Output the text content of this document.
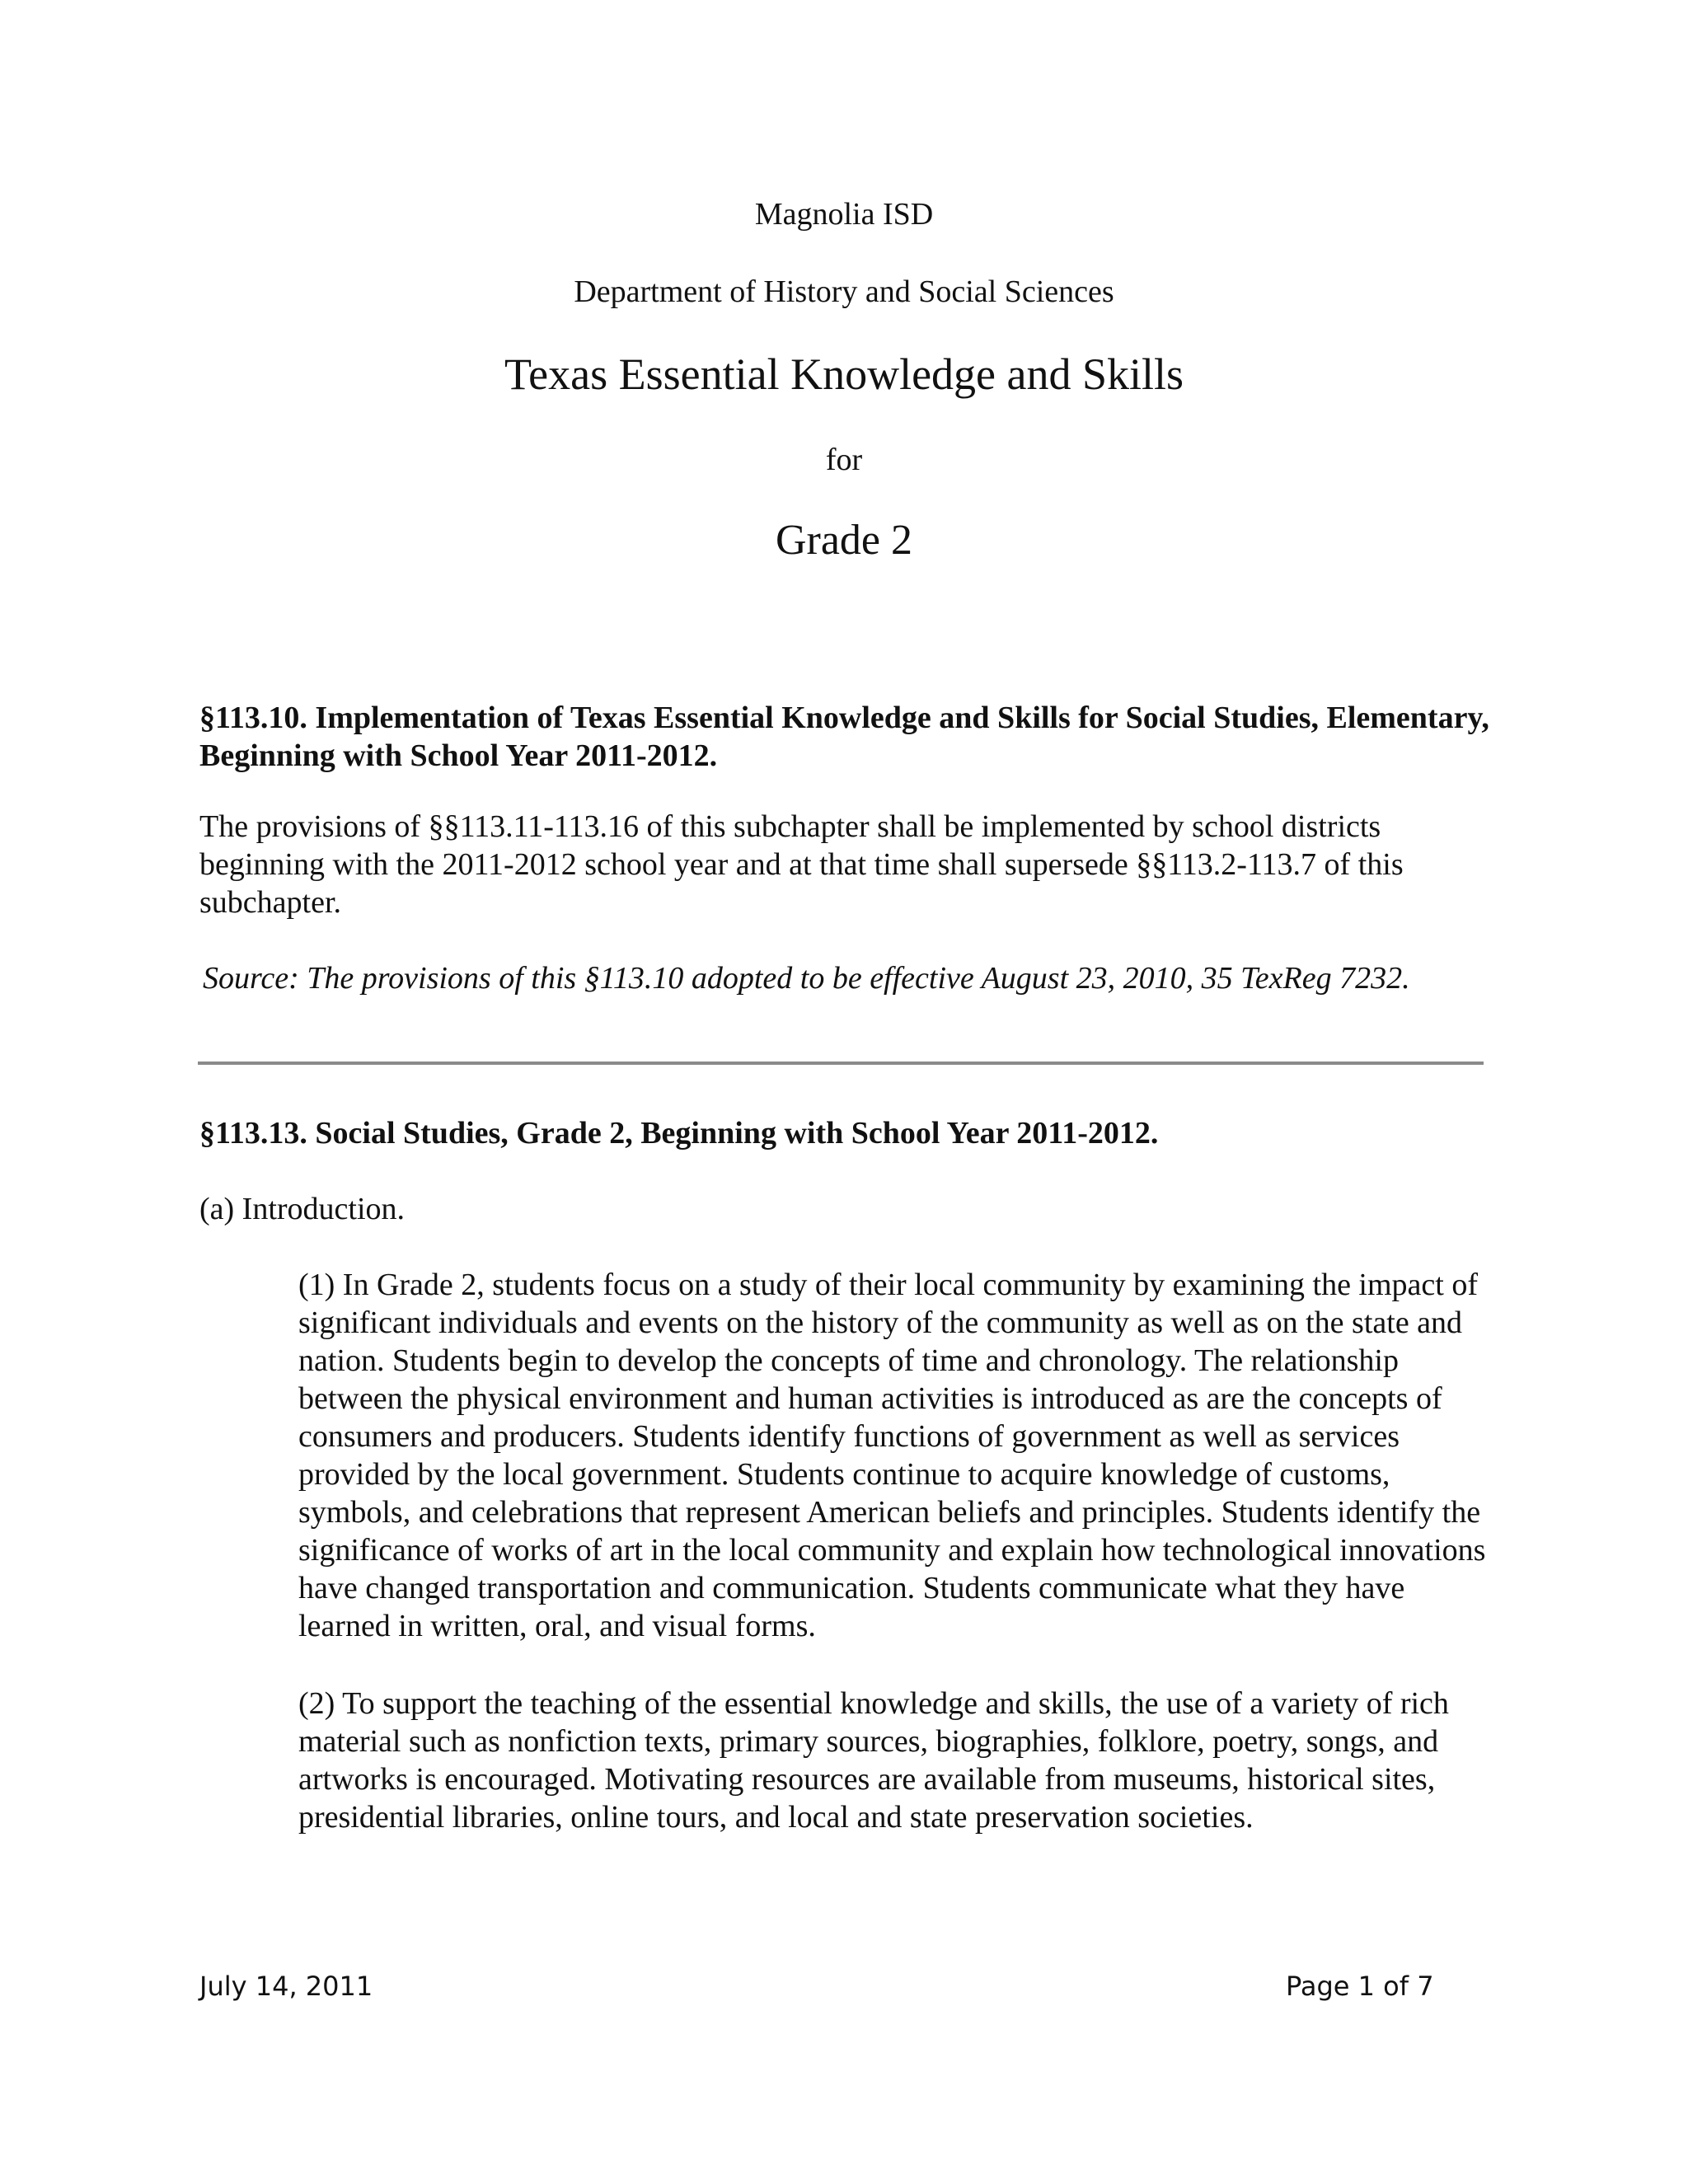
Magnolia ISD

Department of History and Social Sciences

Texas Essential Knowledge and Skills

for

Grade 2

§113.10. Implementation of Texas Essential Knowledge and Skills for Social Studies, Elementary, Beginning with School Year 2011-2012.

The provisions of §§113.11-113.16 of this subchapter shall be implemented by school districts beginning with the 2011-2012 school year and at that time shall supersede §§113.2-113.7 of this subchapter.

Source: The provisions of this §113.10 adopted to be effective August 23, 2010, 35 TexReg 7232.

§113.13. Social Studies, Grade 2, Beginning with School Year 2011-2012.

(a) Introduction.

(1) In Grade 2, students focus on a study of their local community by examining the impact of significant individuals and events on the history of the community as well as on the state and nation. Students begin to develop the concepts of time and chronology. The relationship between the physical environment and human activities is introduced as are the concepts of consumers and producers. Students identify functions of government as well as services provided by the local government. Students continue to acquire knowledge of customs, symbols, and celebrations that represent American beliefs and principles. Students identify the significance of works of art in the local community and explain how technological innovations have changed transportation and communication. Students communicate what they have learned in written, oral, and visual forms.

(2) To support the teaching of the essential knowledge and skills, the use of a variety of rich material such as nonfiction texts, primary sources, biographies, folklore, poetry, songs, and artworks is encouraged. Motivating resources are available from museums, historical sites, presidential libraries, online tours, and local and state preservation societies.

July 14, 2011	Page 1 of 7
